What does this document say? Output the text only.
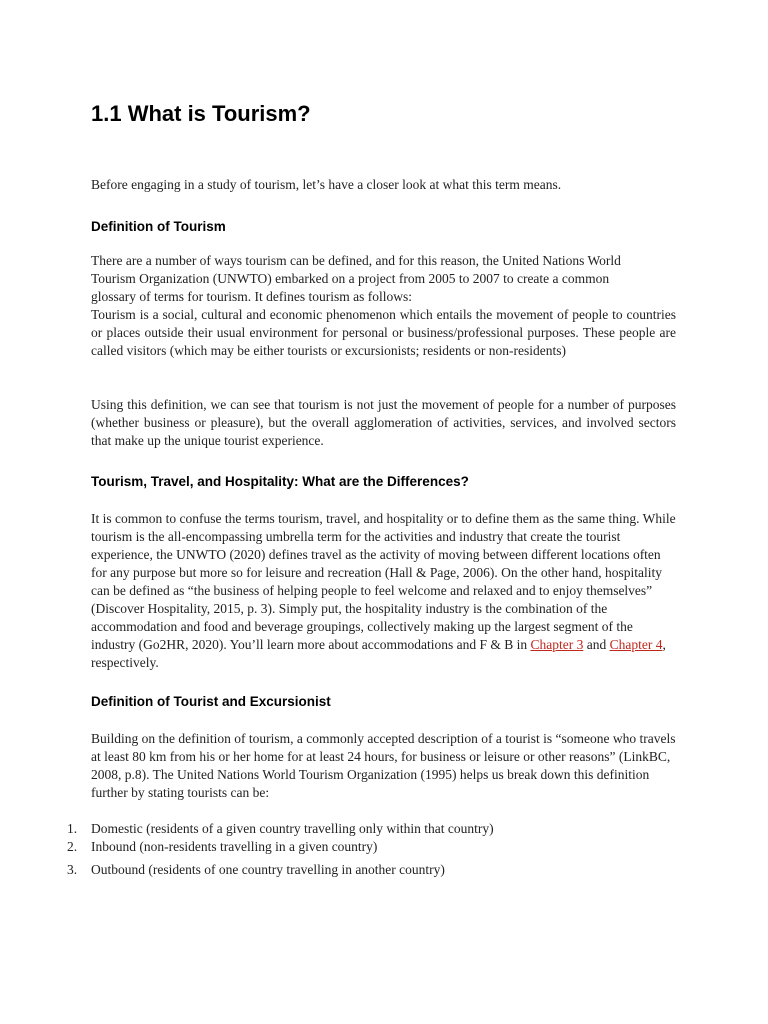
1.1 What is Tourism?

Before engaging in a study of tourism, let’s have a closer look at what this term means.

Definition of Tourism

There are a number of ways tourism can be defined, and for this reason, the United Nations World Tourism Organization (UNWTO) embarked on a project from 2005 to 2007 to create a common glossary of terms for tourism. It defines tourism as follows:

Tourism is a social, cultural and economic phenomenon which entails the movement of people to countries or places outside their usual environment for personal or business/professional purposes. These people are called visitors (which may be either tourists or excursionists; residents or non-residents)

Using this definition, we can see that tourism is not just the movement of people for a number of purposes (whether business or pleasure), but the overall agglomeration of activities, services, and involved sectors that make up the unique tourist experience.

Tourism, Travel, and Hospitality: What are the Differences?

It is common to confuse the terms tourism, travel, and hospitality or to define them as the same thing. While tourism is the all-encompassing umbrella term for the activities and industry that create the tourist experience, the UNWTO (2020) defines travel as the activity of moving between different locations often for any purpose but more so for leisure and recreation (Hall & Page, 2006). On the other hand, hospitality can be defined as “the business of helping people to feel welcome and relaxed and to enjoy themselves” (Discover Hospitality, 2015, p. 3). Simply put, the hospitality industry is the combination of the accommodation and food and beverage groupings, collectively making up the largest segment of the industry (Go2HR, 2020). You’ll learn more about accommodations and F & B in Chapter 3 and Chapter 4, respectively.

Definition of Tourist and Excursionist

Building on the definition of tourism, a commonly accepted description of a tourist is “someone who travels at least 80 km from his or her home for at least 24 hours, for business or leisure or other reasons” (LinkBC, 2008, p.8). The United Nations World Tourism Organization (1995) helps us break down this definition further by stating tourists can be:

1. Domestic (residents of a given country travelling only within that country)
2. Inbound (non-residents travelling in a given country)
3. Outbound (residents of one country travelling in another country)
